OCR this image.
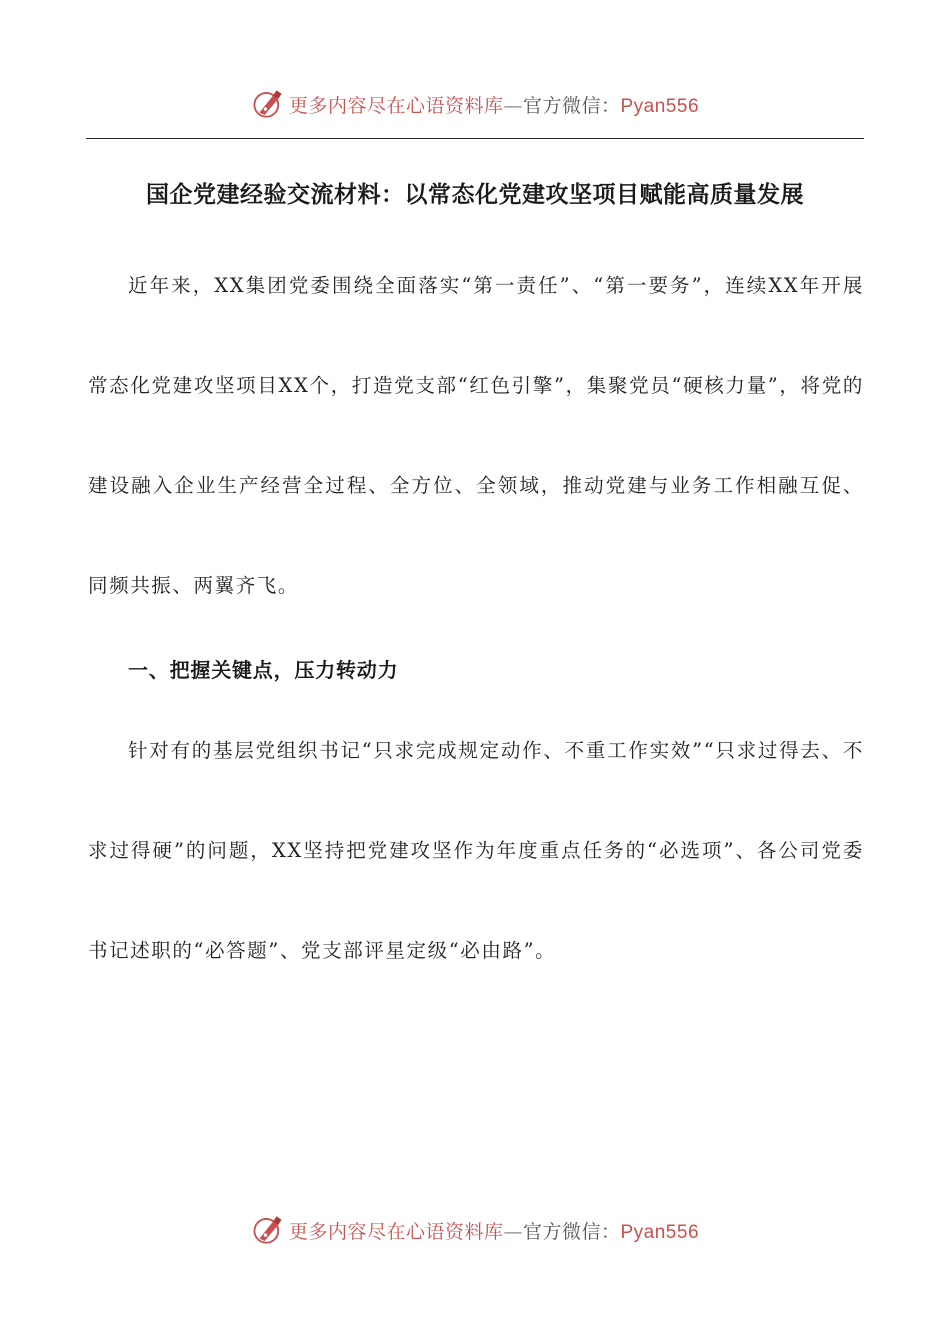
更多内容尽在心语资料库—官方微信：Pyan556
国企党建经验交流材料：以常态化党建攻坚项目赋能高质量发展

近年来，XX集团党委围绕全面落实“第一责任”、“第一要务”，连续XX年开展常态化党建攻坚项目XX个，打造党支部“红色引擎”，集聚党员“硬核力量”，将党的建设融入企业生产经营全过程、全方位、全领域，推动党建与业务工作相融互促、同频共振、两翼齐飞。

一、把握关键点，压力转动力

针对有的基层党组织书记“只求完成规定动作、不重工作实效”“只求过得去、不求过得硬”的问题，XX坚持把党建攻坚作为年度重点任务的“必选项”、各公司党委书记述职的“必答题”、党支部评星定级“必由路”。

更多内容尽在心语资料库—官方微信：Pyan556
